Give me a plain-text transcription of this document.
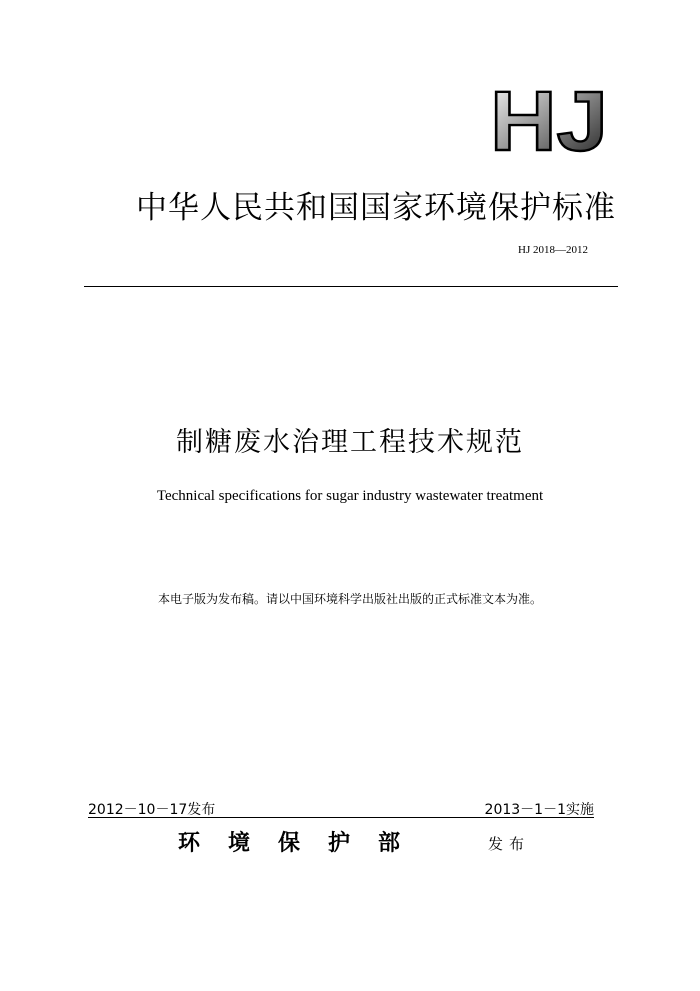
HJ
中华人民共和国国家环境保护标准
HJ 2018—2012
制糖废水治理工程技术规范
Technical specifications for sugar industry wastewater treatment
本电子版为发布稿。请以中国环境科学出版社出版的正式标准文本为准。
2012－10－17发布	2013－1－1实施
环境保护部	发布
